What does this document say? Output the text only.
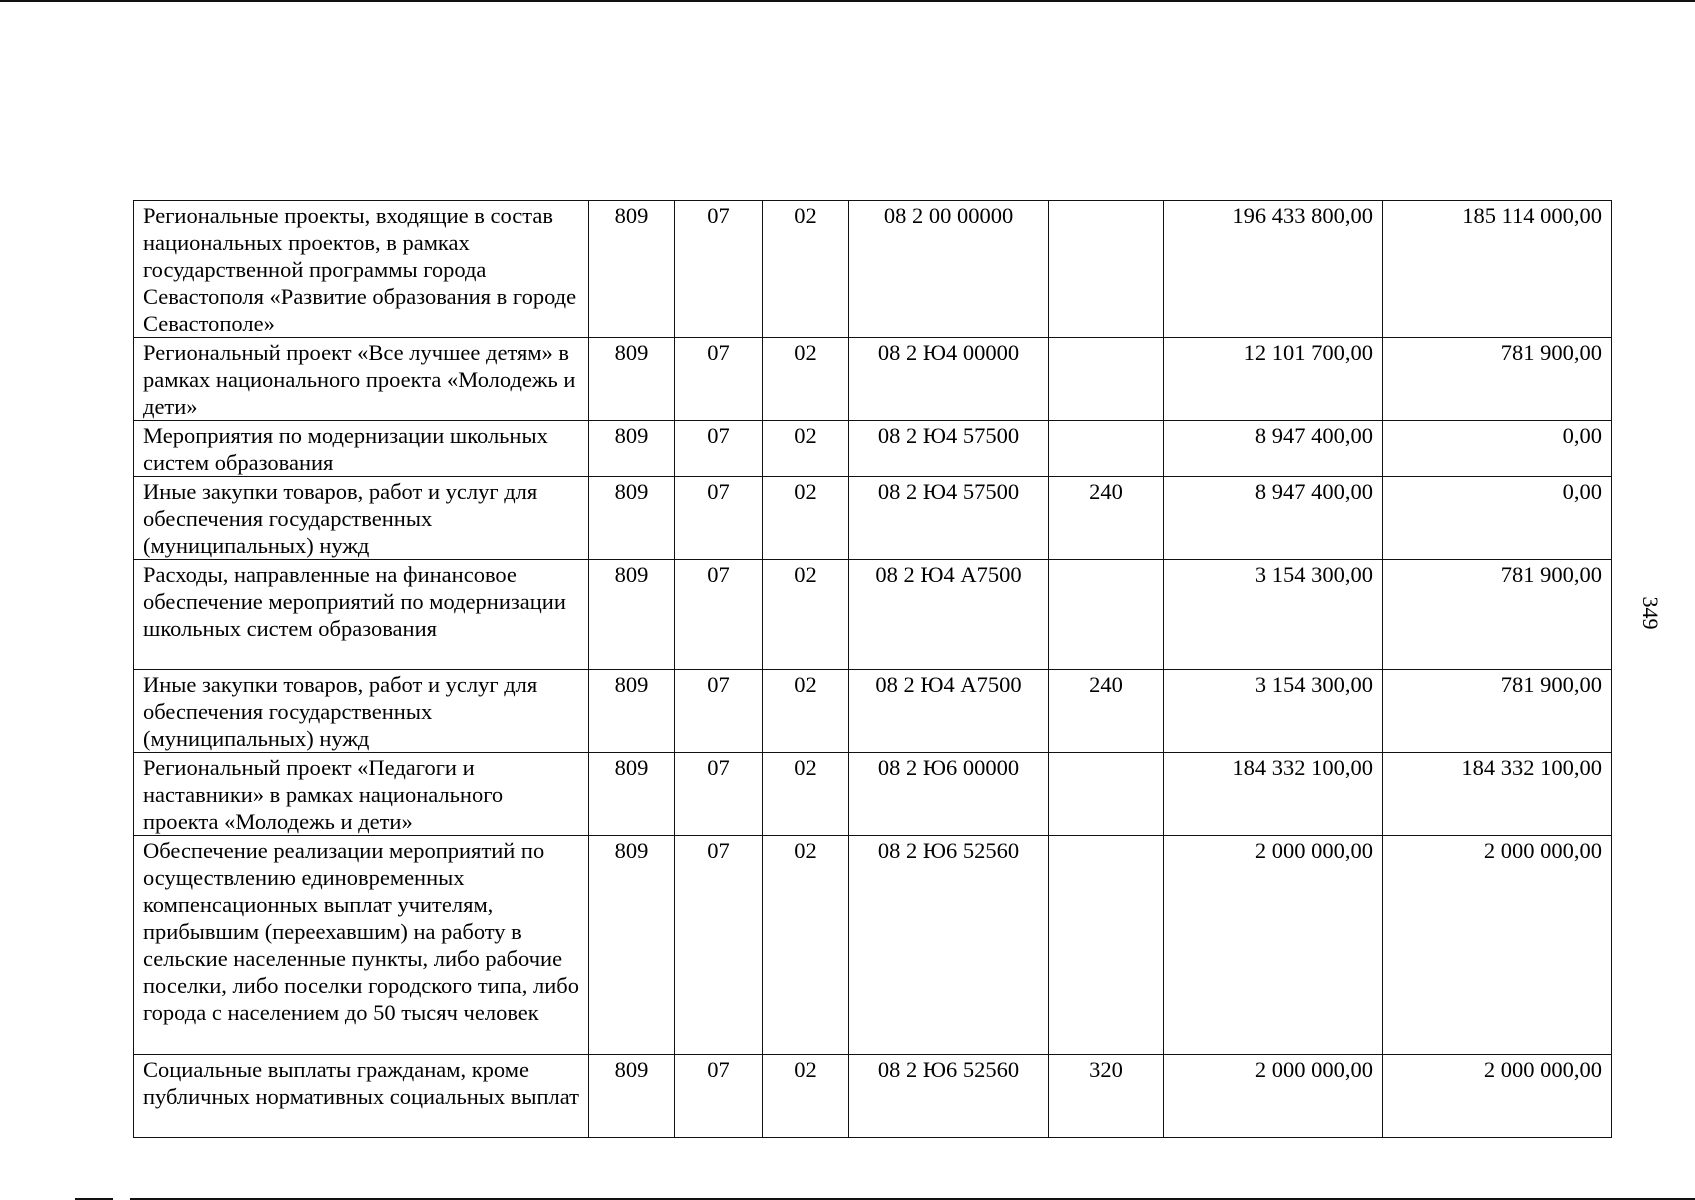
Региональные проекты, входящие в состав национальных проектов, в рамках государственной программы города Севастополя «Развитие образования в городе Севастополе»	809	07	02	08 2 00 00000		196 433 800,00	185 114 000,00
Региональный проект «Все лучшее детям» в рамках национального проекта «Молодежь и дети»	809	07	02	08 2 Ю4 00000		12 101 700,00	781 900,00
Мероприятия по модернизации школьных систем образования	809	07	02	08 2 Ю4 57500		8 947 400,00	0,00
Иные закупки товаров, работ и услуг для обеспечения государственных (муниципальных) нужд	809	07	02	08 2 Ю4 57500	240	8 947 400,00	0,00
Расходы, направленные на финансовое обеспечение мероприятий по модернизации школьных систем образования	809	07	02	08 2 Ю4 А7500		3 154 300,00	781 900,00
Иные закупки товаров, работ и услуг для обеспечения государственных (муниципальных) нужд	809	07	02	08 2 Ю4 А7500	240	3 154 300,00	781 900,00
Региональный проект «Педагоги и наставники» в рамках национального проекта «Молодежь и дети»	809	07	02	08 2 Ю6 00000		184 332 100,00	184 332 100,00
Обеспечение реализации мероприятий по осуществлению единовременных компенсационных выплат учителям, прибывшим (переехавшим) на работу в сельские населенные пункты, либо рабочие поселки, либо поселки городского типа, либо города с населением до 50 тысяч человек	809	07	02	08 2 Ю6 52560		2 000 000,00	2 000 000,00
Социальные выплаты гражданам, кроме публичных нормативных социальных выплат	809	07	02	08 2 Ю6 52560	320	2 000 000,00	2 000 000,00
349
